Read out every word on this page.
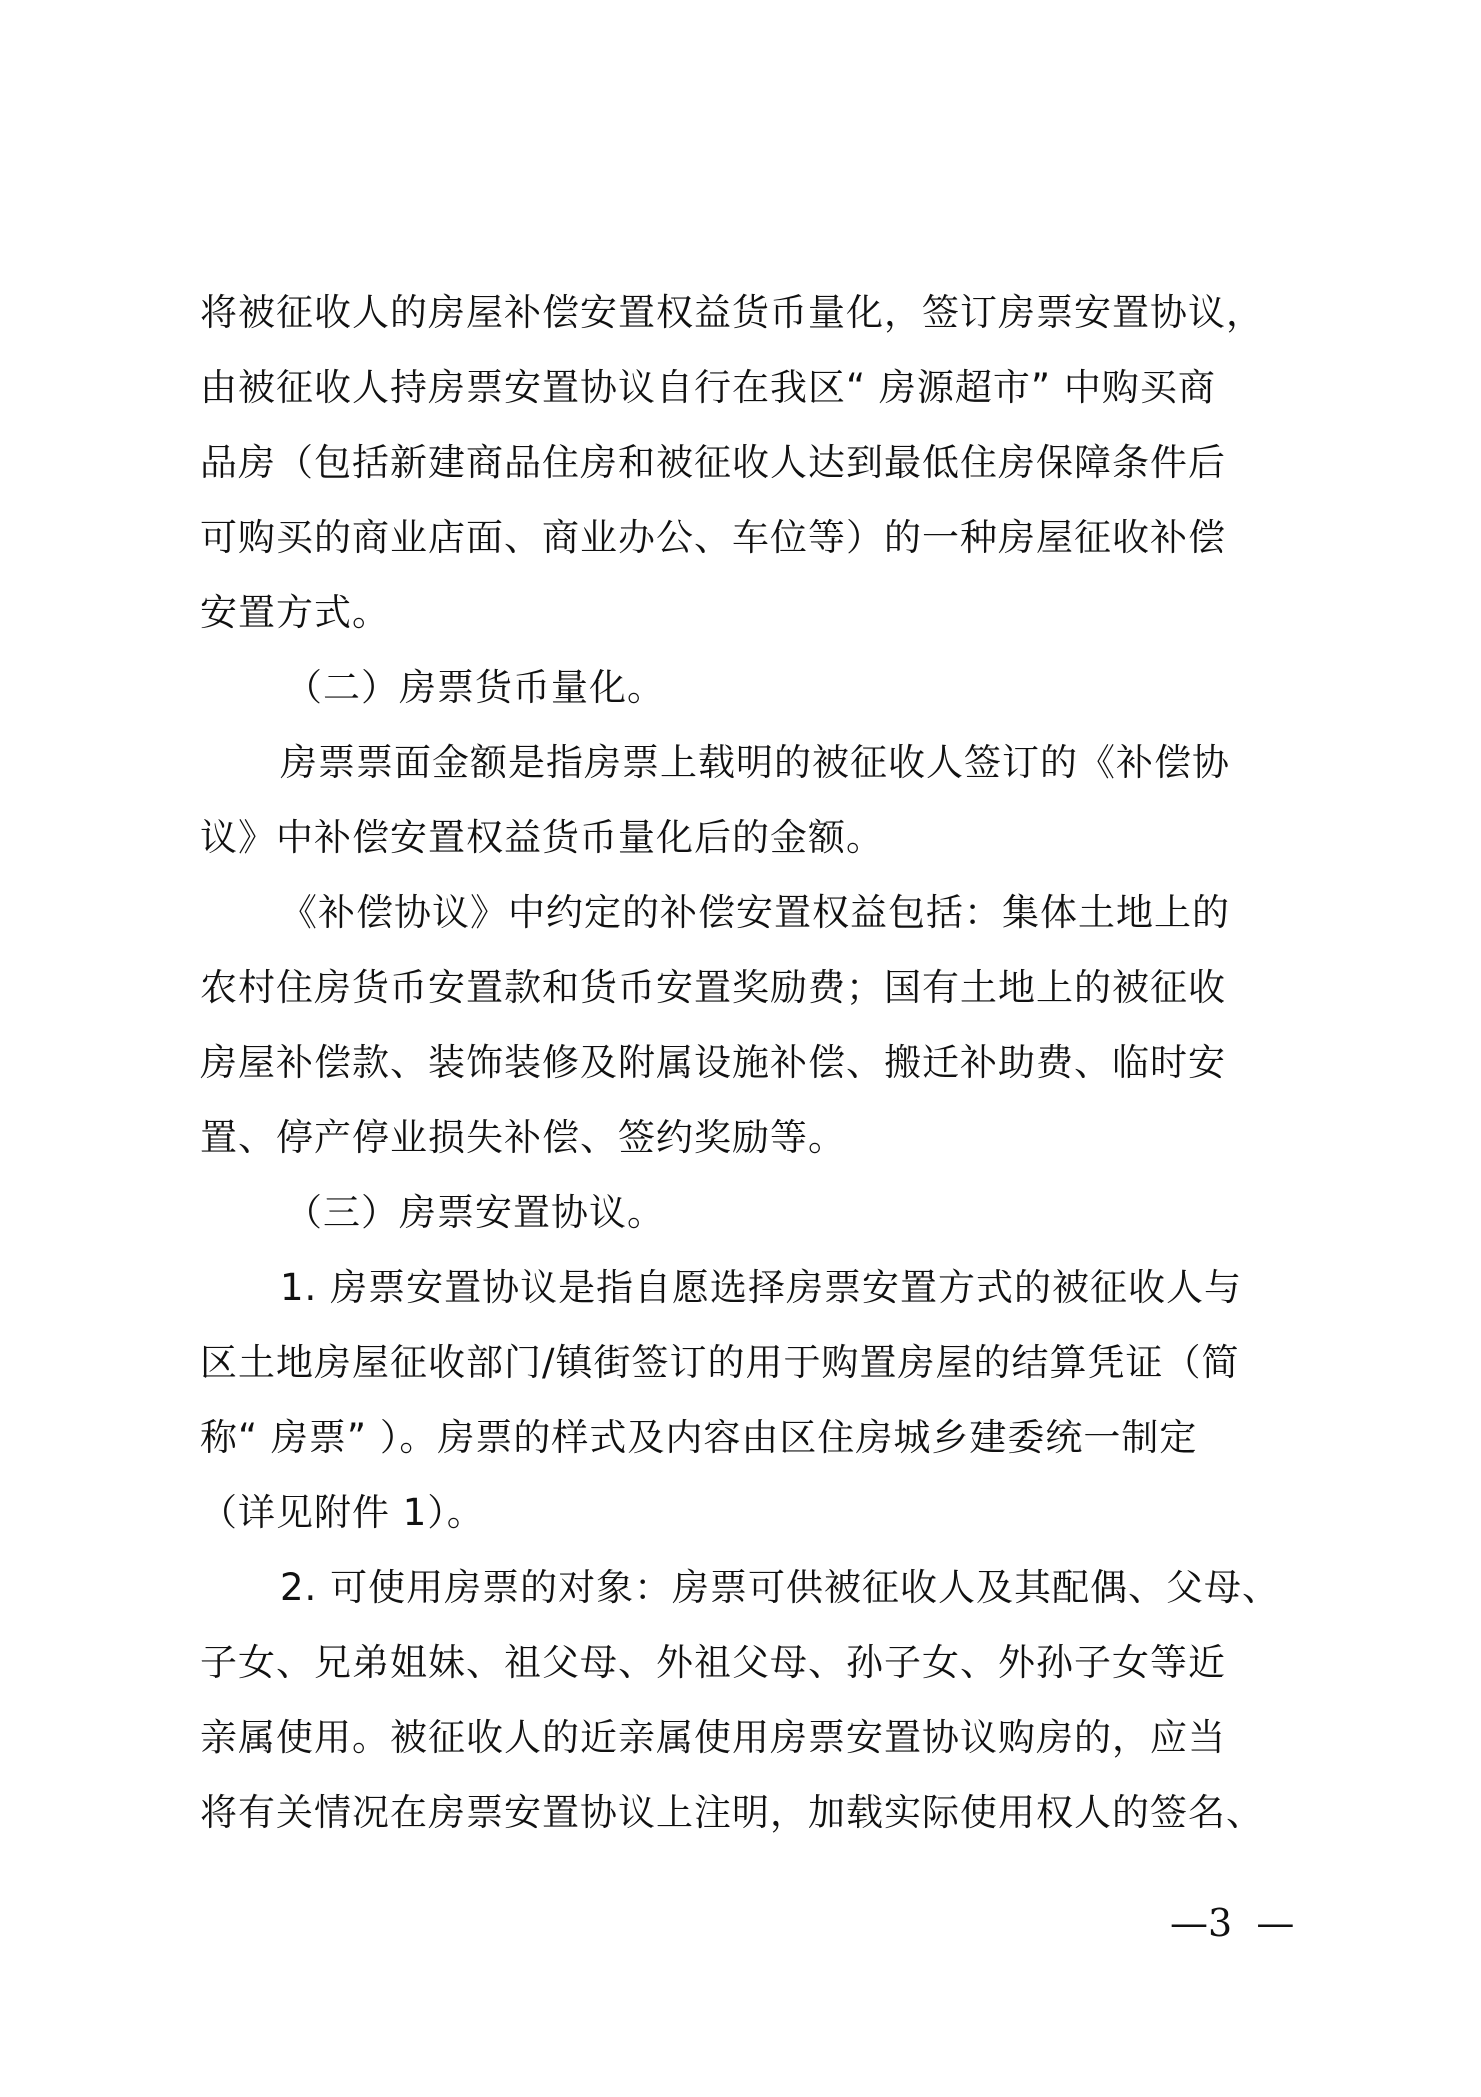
将被征收人的房屋补偿安置权益货币量化，签订房票安置协议，
由被征收人持房票安置协议自行在我区“ 房源超市” 中购买商
品房（包括新建商品住房和被征收人达到最低住房保障条件后
可购买的商业店面、商业办公、车位等）的一种房屋征收补偿
安置方式。
（二）房票货币量化。
房票票面金额是指房票上载明的被征收人签订的《补偿协
议》中补偿安置权益货币量化后的金额。
《补偿协议》中约定的补偿安置权益包括：集体土地上的
农村住房货币安置款和货币安置奖励费；国有土地上的被征收
房屋补偿款、装饰装修及附属设施补偿、搬迁补助费、临时安
置、停产停业损失补偿、签约奖励等。
（三）房票安置协议。
1. 房票安置协议是指自愿选择房票安置方式的被征收人与
区土地房屋征收部门/镇街签订的用于购置房屋的结算凭证（简
称“ 房票” ）。房票的样式及内容由区住房城乡建委统一制定
（详见附件 1）。
2. 可使用房票的对象：房票可供被征收人及其配偶、父母、
子女、兄弟姐妹、祖父母、外祖父母、孙子女、外孙子女等近
亲属使用。被征收人的近亲属使用房票安置协议购房的，应当
将有关情况在房票安置协议上注明，加载实际使用权人的签名、
—3  —
